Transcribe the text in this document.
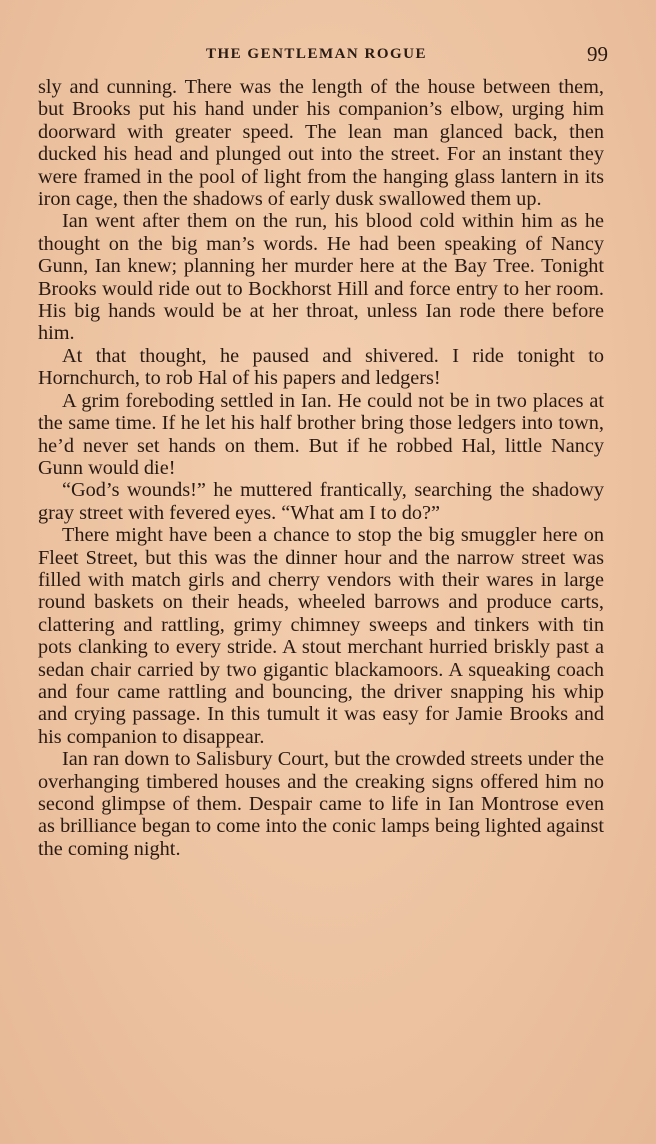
THE GENTLEMAN ROGUE	99

sly and cunning. There was the length of the house between them, but Brooks put his hand under his companion’s elbow, urging him doorward with greater speed. The lean man glanced back, then ducked his head and plunged out into the street. For an instant they were framed in the pool of light from the hanging glass lantern in its iron cage, then the shadows of early dusk swallowed them up.

Ian went after them on the run, his blood cold within him as he thought on the big man’s words. He had been speaking of Nancy Gunn, Ian knew; planning her murder here at the Bay Tree. Tonight Brooks would ride out to Bockhorst Hill and force entry to her room. His big hands would be at her throat, unless Ian rode there before him.

At that thought, he paused and shivered. I ride tonight to Hornchurch, to rob Hal of his papers and ledgers!

A grim foreboding settled in Ian. He could not be in two places at the same time. If he let his half brother bring those ledgers into town, he’d never set hands on them. But if he robbed Hal, little Nancy Gunn would die!

“God’s wounds!” he muttered frantically, searching the shadowy gray street with fevered eyes. “What am I to do?”

There might have been a chance to stop the big smuggler here on Fleet Street, but this was the dinner hour and the narrow street was filled with match girls and cherry vendors with their wares in large round baskets on their heads, wheeled barrows and produce carts, clattering and rattling, grimy chimney sweeps and tinkers with tin pots clanking to every stride. A stout merchant hurried briskly past a sedan chair carried by two gigantic blackamoors. A squeaking coach and four came rattling and bouncing, the driver snapping his whip and crying passage. In this tumult it was easy for Jamie Brooks and his companion to disappear.

Ian ran down to Salisbury Court, but the crowded streets under the overhanging timbered houses and the creaking signs offered him no second glimpse of them. Despair came to life in Ian Montrose even as brilliance began to come into the conic lamps being lighted against the coming night.
